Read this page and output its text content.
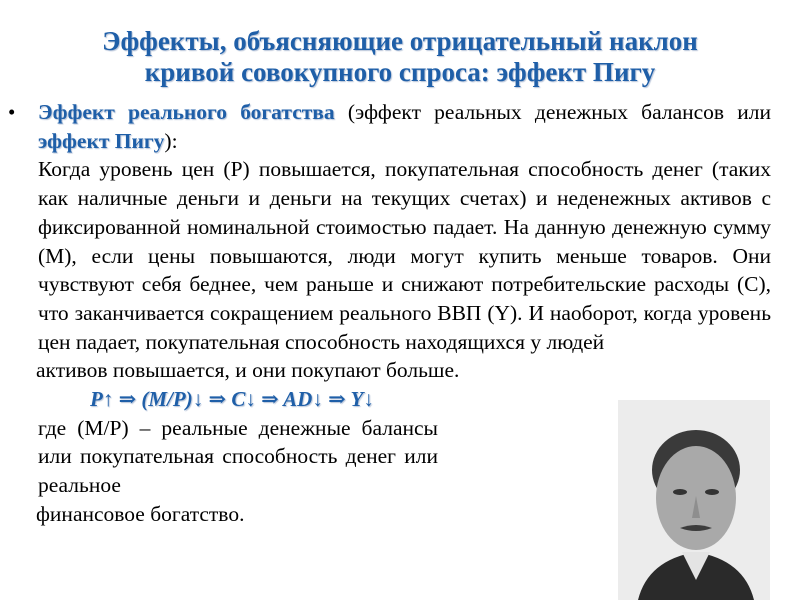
Эффекты, объясняющие отрицательный наклон
кривой совокупного спроса: эффект Пигу
• Эффект реального богатства (эффект реальных денежных балансов или эффект Пигу):

Когда уровень цен (P) повышается, покупательная способность денег (таких как наличные деньги и деньги на текущих счетах) и неденежных активов с фиксированной номинальной стоимостью падает. На данную денежную сумму (M), если цены повышаются, люди могут купить меньше товаров. Они чувствуют себя беднее, чем раньше и снижают потребительские расходы (C), что заканчивается сокращением реального ВВП (Y). И наоборот, когда уровень цен падает, покупательная способность находящихся у людей

активов повышается, и они покупают больше.

P↑ ⇒ (M/P)↓ ⇒ C↓ ⇒ AD↓ ⇒ Y↓

где (M/P) – реальные денежные балансы или покупательная способность денег или реальное

финансовое богатство.
